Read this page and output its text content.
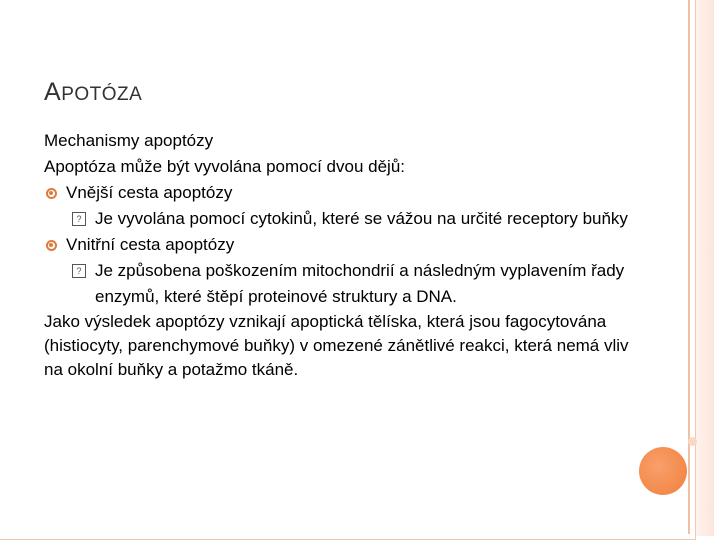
APOTÓZA
Mechanismy apoptózy
Apoptóza může být vyvolána pomocí dvou dějů:
Vnější cesta apoptózy
? Je vyvolána pomocí cytokinů, které se vážou na určité receptory buňky
Vnitřní cesta apoptózy
? Je způsobena poškozením mitochondrií a následným vyplavením řady enzymů, které štěpí proteinové struktury a DNA.
Jako výsledek apoptózy vznikají apoptická tělíska, která jsou fagocytována (histiocyty, parenchymové buňky) v omezené zánětlivé reakci, která nemá vliv na okolní buňky a potažmo tkáně.
